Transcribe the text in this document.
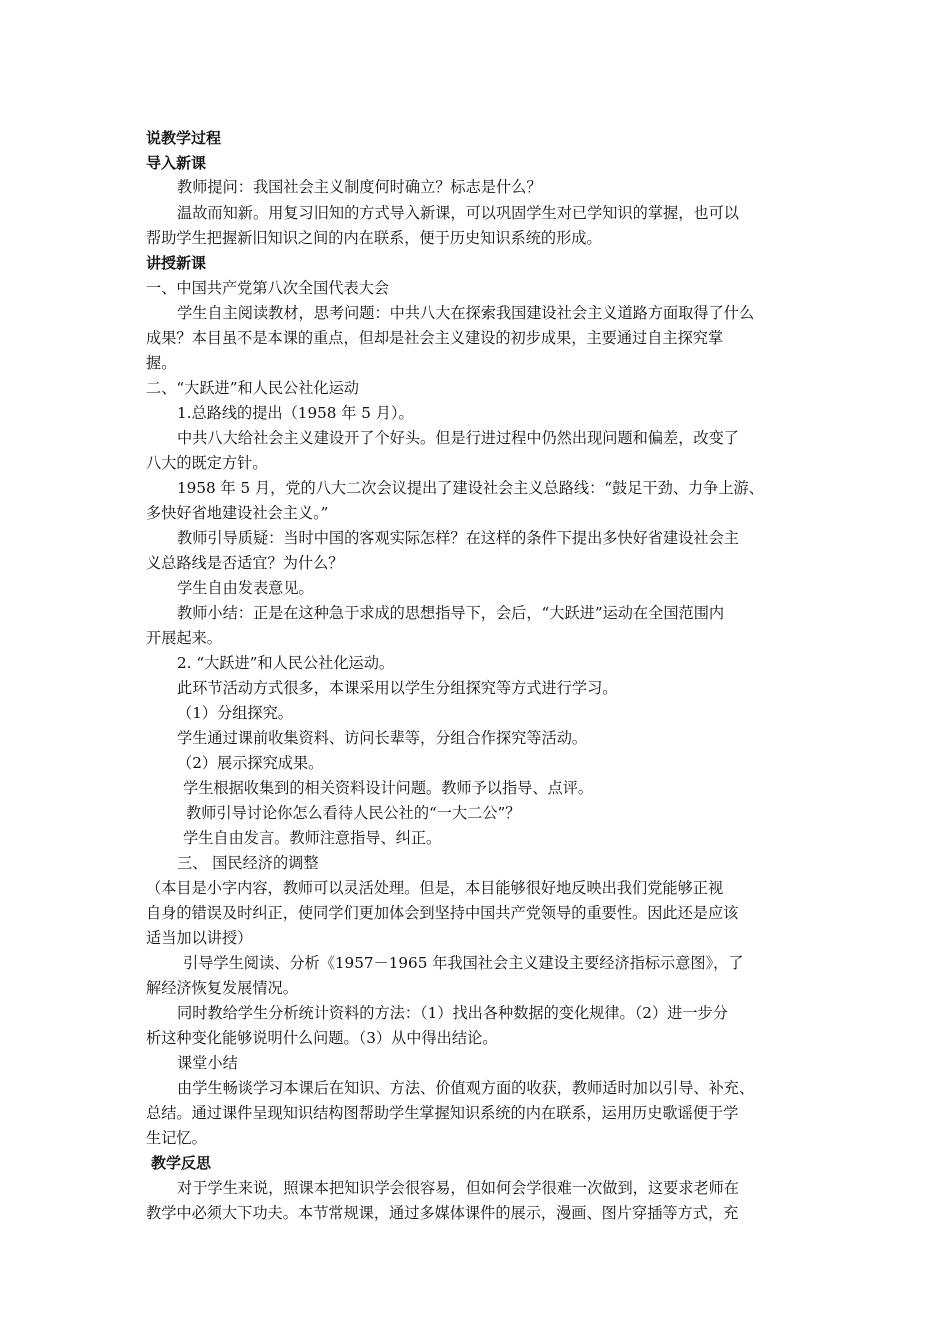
说教学过程
导入新课
教师提问：我国社会主义制度何时确立？标志是什么？
温故而知新。用复习旧知的方式导入新课，可以巩固学生对已学知识的掌握，也可以
帮助学生把握新旧知识之间的内在联系，便于历史知识系统的形成。
讲授新课
一、中国共产党第八次全国代表大会
学生自主阅读教材，思考问题：中共八大在探索我国建设社会主义道路方面取得了什么
成果？本目虽不是本课的重点，但却是社会主义建设的初步成果，主要通过自主探究掌
握。
二、“大跃进”和人民公社化运动
1.总路线的提出（1958 年 5 月）。
中共八大给社会主义建设开了个好头。但是行进过程中仍然出现问题和偏差，改变了
八大的既定方针。
1958 年 5 月，党的八大二次会议提出了建设社会主义总路线：“鼓足干劲、力争上游、
多快好省地建设社会主义。”
教师引导质疑：当时中国的客观实际怎样？在这样的条件下提出多快好省建设社会主
义总路线是否适宜？为什么？
学生自由发表意见。
教师小结：正是在这种急于求成的思想指导下，会后，“大跃进”运动在全国范围内
开展起来。
2. “大跃进”和人民公社化运动。
此环节活动方式很多，本课采用以学生分组探究等方式进行学习。
（1）分组探究。
学生通过课前收集资料、访问长辈等，分组合作探究等活动。
（2）展示探究成果。
学生根据收集到的相关资料设计问题。教师予以指导、点评。
教师引导讨论你怎么看待人民公社的“一大二公”？
学生自由发言。教师注意指导、纠正。
三、 国民经济的调整
（本目是小字内容，教师可以灵活处理。但是，本目能够很好地反映出我们党能够正视
自身的错误及时纠正，使同学们更加体会到坚持中国共产党领导的重要性。因此还是应该
适当加以讲授）
引导学生阅读、分析《1957－1965 年我国社会主义建设主要经济指标示意图》，了
解经济恢复发展情况。
同时教给学生分析统计资料的方法：（1）找出各种数据的变化规律。（2）进一步分
析这种变化能够说明什么问题。（3）从中得出结论。
课堂小结
由学生畅谈学习本课后在知识、方法、价值观方面的收获，教师适时加以引导、补充、
总结。通过课件呈现知识结构图帮助学生掌握知识系统的内在联系，运用历史歌谣便于学
生记忆。
教学反思
对于学生来说，照课本把知识学会很容易，但如何会学很难一次做到，这要求老师在
教学中必须大下功夫。本节常规课，通过多媒体课件的展示，漫画、图片穿插等方式，充
